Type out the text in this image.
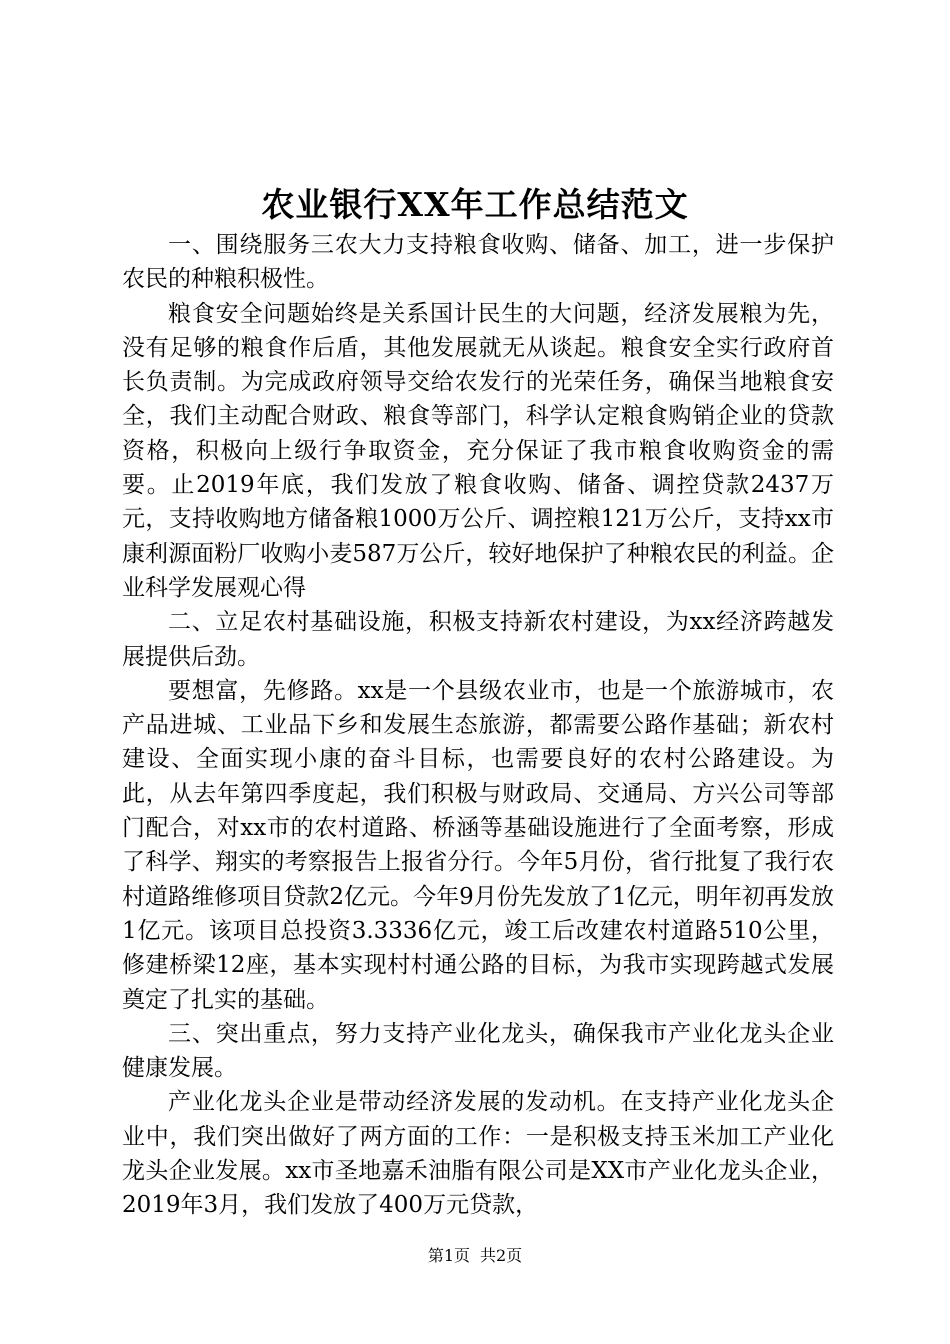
农业银行XX年工作总结范文

一、围绕服务三农大力支持粮食收购、储备、加工，进一步保护农民的种粮积极性。

粮食安全问题始终是关系国计民生的大问题，经济发展粮为先，没有足够的粮食作后盾，其他发展就无从谈起。粮食安全实行政府首长负责制。为完成政府领导交给农发行的光荣任务，确保当地粮食安全，我们主动配合财政、粮食等部门，科学认定粮食购销企业的贷款资格，积极向上级行争取资金，充分保证了我市粮食收购资金的需要。止2019年底，我们发放了粮食收购、储备、调控贷款2437万元，支持收购地方储备粮1000万公斤、调控粮121万公斤，支持xx市康利源面粉厂收购小麦587万公斤，较好地保护了种粮农民的利益。企业科学发展观心得

二、立足农村基础设施，积极支持新农村建设，为xx经济跨越发展提供后劲。

要想富，先修路。xx是一个县级农业市，也是一个旅游城市，农产品进城、工业品下乡和发展生态旅游，都需要公路作基础；新农村建设、全面实现小康的奋斗目标，也需要良好的农村公路建设。为此，从去年第四季度起，我们积极与财政局、交通局、方兴公司等部门配合，对xx市的农村道路、桥涵等基础设施进行了全面考察，形成了科学、翔实的考察报告上报省分行。今年5月份，省行批复了我行农村道路维修项目贷款2亿元。今年9月份先发放了1亿元，明年初再发放1亿元。该项目总投资3.3336亿元，竣工后改建农村道路510公里，修建桥梁12座，基本实现村村通公路的目标，为我市实现跨越式发展奠定了扎实的基础。

三、突出重点，努力支持产业化龙头，确保我市产业化龙头企业健康发展。

产业化龙头企业是带动经济发展的发动机。在支持产业化龙头企业中，我们突出做好了两方面的工作：一是积极支持玉米加工产业化龙头企业发展。xx市圣地嘉禾油脂有限公司是XX市产业化龙头企业，2019年3月，我们发放了400万元贷款，

第1页 共2页
